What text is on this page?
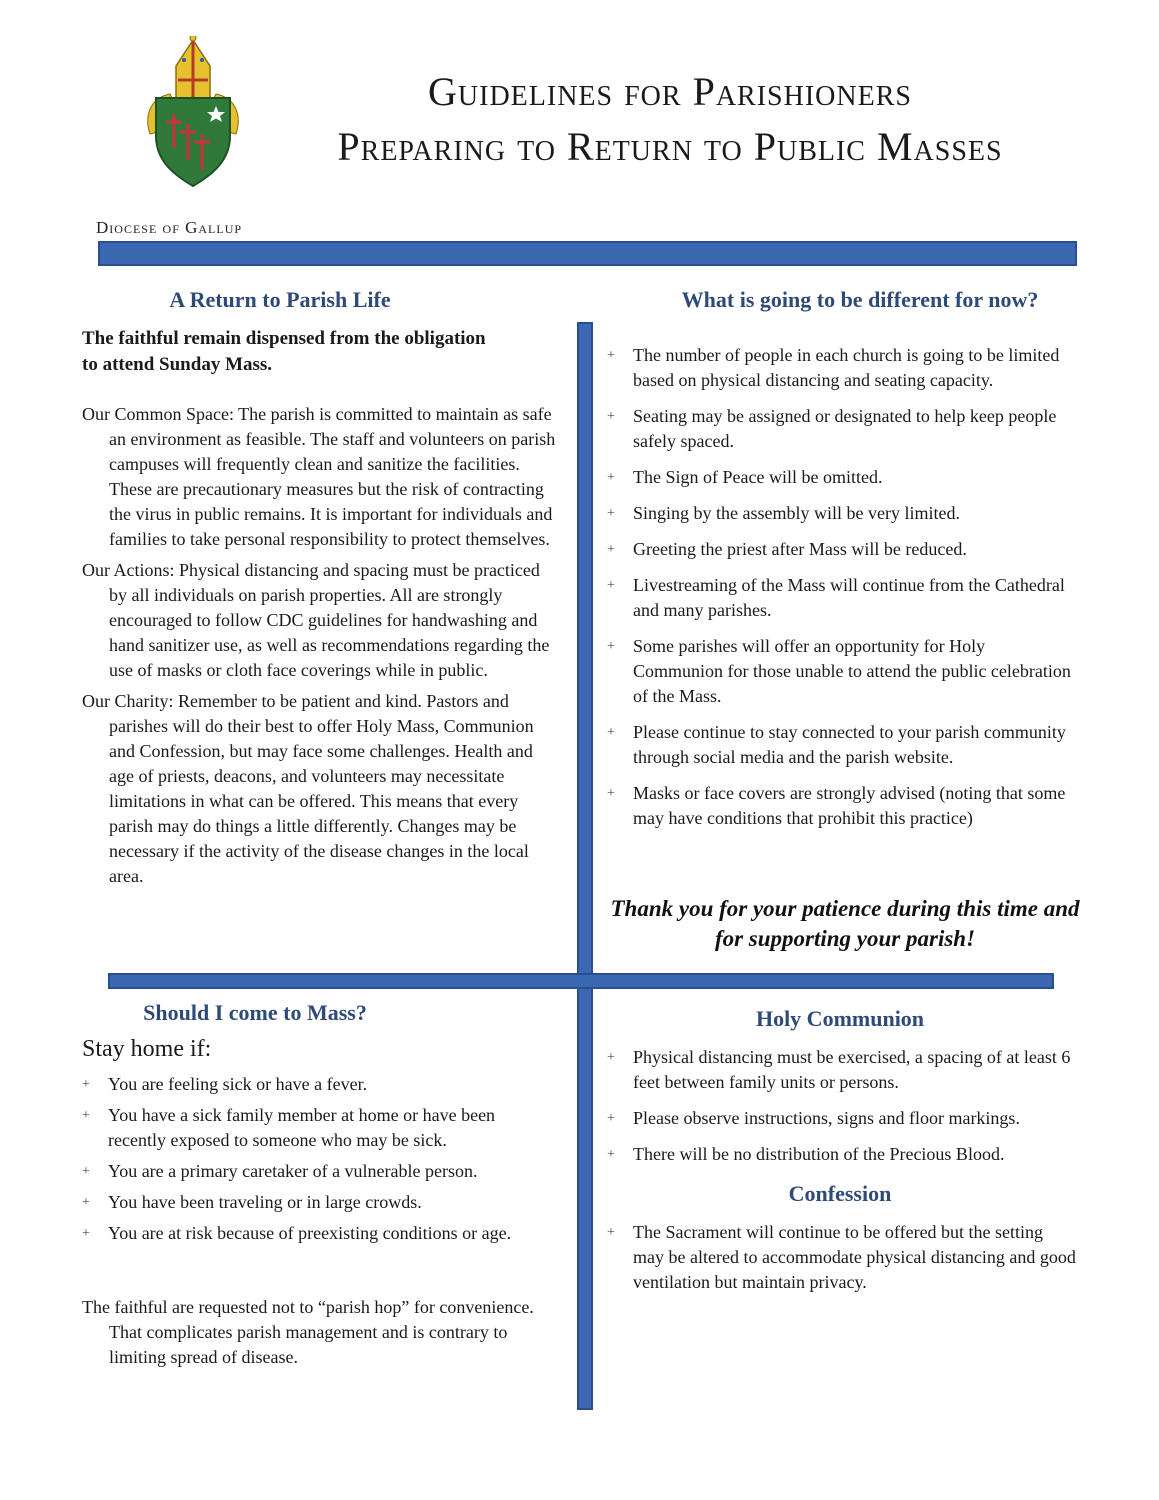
Guidelines for Parishioners
Preparing to Return to Public Masses
Diocese of Gallup
A Return to Parish Life
The faithful remain dispensed from the obligation to attend Sunday Mass.

Our Common Space: The parish is committed to maintain as safe an environment as feasible. The staff and volunteers on parish campuses will frequently clean and sanitize the facilities. These are precautionary measures but the risk of contracting the virus in public remains. It is important for individuals and families to take personal responsibility to protect themselves.

Our Actions: Physical distancing and spacing must be practiced by all individuals on parish properties. All are strongly encouraged to follow CDC guidelines for handwashing and hand sanitizer use, as well as recommendations regarding the use of masks or cloth face coverings while in public.

Our Charity: Remember to be patient and kind. Pastors and parishes will do their best to offer Holy Mass, Communion and Confession, but may face some challenges. Health and age of priests, deacons, and volunteers may necessitate limitations in what can be offered. This means that every parish may do things a little differently. Changes may be necessary if the activity of the disease changes in the local area.

What is going to be different for now?
+ The number of people in each church is going to be limited based on physical distancing and seating capacity.
+ Seating may be assigned or designated to help keep people safely spaced.
+ The Sign of Peace will be omitted.
+ Singing by the assembly will be very limited.
+ Greeting the priest after Mass will be reduced.
+ Livestreaming of the Mass will continue from the Cathedral and many parishes.
+ Some parishes will offer an opportunity for Holy Communion for those unable to attend the public celebration of the Mass.
+ Please continue to stay connected to your parish community through social media and the parish website.
+ Masks or face covers are strongly advised (noting that some may have conditions that prohibit this practice)
Thank you for your patience during this time and
for supporting your parish!
Should I come to Mass?
Stay home if:
+ You are feeling sick or have a fever.
+ You have a sick family member at home or have been recently exposed to someone who may be sick.
+ You are a primary caretaker of a vulnerable person.
+ You have been traveling or in large crowds.
+ You are at risk because of preexisting conditions or age.

The faithful are requested not to “parish hop” for convenience. That complicates parish management and is contrary to limiting spread of disease.

Holy Communion
+ Physical distancing must be exercised, a spacing of at least 6 feet between family units or persons.
+ Please observe instructions, signs and floor markings.
+ There will be no distribution of the Precious Blood.
Confession
+ The Sacrament will continue to be offered but the setting may be altered to accommodate physical distancing and good ventilation but maintain privacy.
